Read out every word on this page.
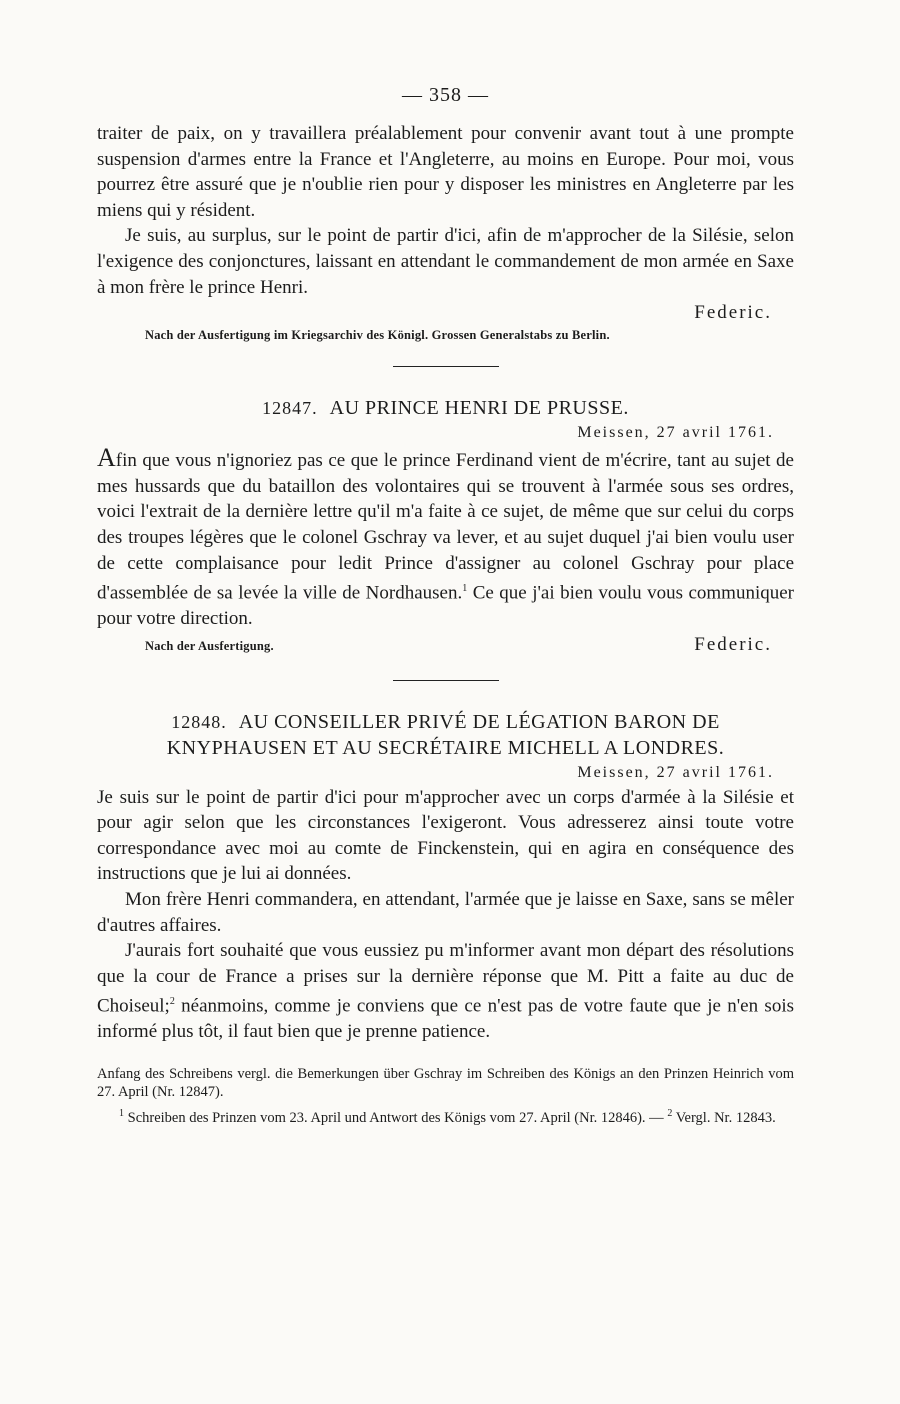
— 358 —

traiter de paix, on y travaillera préalablement pour convenir avant tout à une prompte suspension d'armes entre la France et l'Angleterre, au moins en Europe. Pour moi, vous pourrez être assuré que je n'oublie rien pour y disposer les ministres en Angleterre par les miens qui y résident.

Je suis, au surplus, sur le point de partir d'ici, afin de m'approcher de la Silésie, selon l'exigence des conjonctures, laissant en attendant le commandement de mon armée en Saxe à mon frère le prince Henri.

Federic.
Nach der Ausfertigung im Kriegsarchiv des Königl. Grossen Generalstabs zu Berlin.
12847. AU PRINCE HENRI DE PRUSSE.
Meissen, 27 avril 1761.

Afin que vous n'ignoriez pas ce que le prince Ferdinand vient de m'écrire, tant au sujet de mes hussards que du bataillon des volontaires qui se trouvent à l'armée sous ses ordres, voici l'extrait de la dernière lettre qu'il m'a faite à ce sujet, de même que sur celui du corps des troupes légères que le colonel Gschray va lever, et au sujet duquel j'ai bien voulu user de cette complaisance pour ledit Prince d'assigner au colonel Gschray pour place d'assemblée de sa levée la ville de Nordhausen.$^1$ Ce que j'ai bien voulu vous communiquer pour votre direction.

Nach der Ausfertigung.	Federic.
12848. AU CONSEILLER PRIVÉ DE LÉGATION BARON DE
KNYPHAUSEN ET AU SECRÉTAIRE MICHELL A LONDRES.
Meissen, 27 avril 1761.

Je suis sur le point de partir d'ici pour m'approcher avec un corps d'armée à la Silésie et pour agir selon que les circonstances l'exigeront. Vous adresserez ainsi toute votre correspondance avec moi au comte de Finckenstein, qui en agira en conséquence des instructions que je lui ai données.

Mon frère Henri commandera, en attendant, l'armée que je laisse en Saxe, sans se mêler d'autres affaires.

J'aurais fort souhaité que vous eussiez pu m'informer avant mon départ des résolutions que la cour de France a prises sur la dernière réponse que M. Pitt a faite au duc de Choiseul;$^2$ néanmoins, comme je conviens que ce n'est pas de votre faute que je n'en sois informé plus tôt, il faut bien que je prenne patience.

Anfang des Schreibens vergl. die Bemerkungen über Gschray im Schreiben des Königs an den Prinzen Heinrich vom 27. April (Nr. 12847).

$^1$ Schreiben des Prinzen vom 23. April und Antwort des Königs vom 27. April (Nr. 12846). — $^2$ Vergl. Nr. 12843.
